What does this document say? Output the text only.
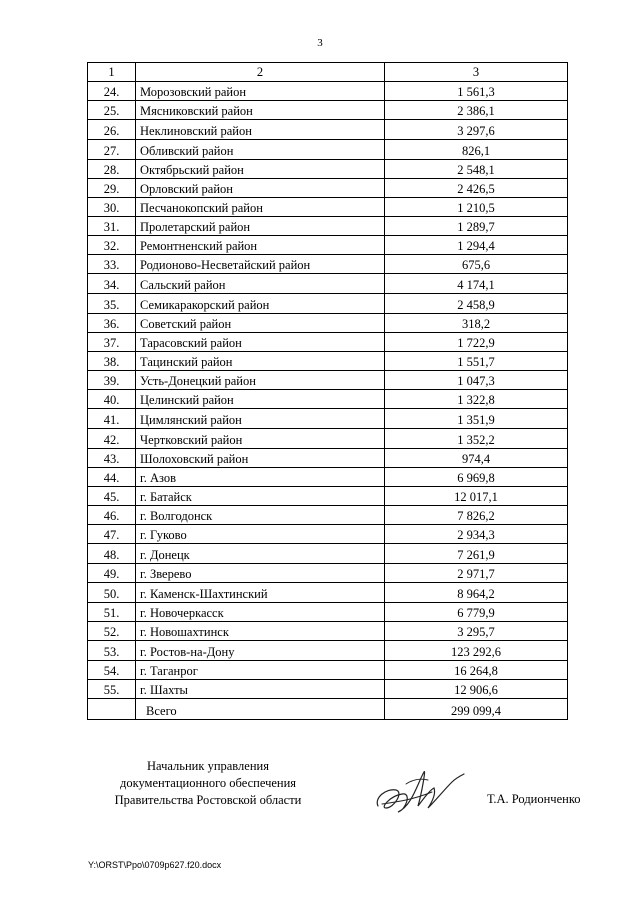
3
1	2	3
24.	Морозовский район	1 561,3
25.	Мясниковский район	2 386,1
26.	Неклиновский район	3 297,6
27.	Обливский район	826,1
28.	Октябрьский район	2 548,1
29.	Орловский район	2 426,5
30.	Песчанокопский район	1 210,5
31.	Пролетарский район	1 289,7
32.	Ремонтненский район	1 294,4
33.	Родионово-Несветайский район	675,6
34.	Сальский район	4 174,1
35.	Семикаракорский район	2 458,9
36.	Советский район	318,2
37.	Тарасовский район	1 722,9
38.	Тацинский район	1 551,7
39.	Усть-Донецкий район	1 047,3
40.	Целинский район	1 322,8
41.	Цимлянский район	1 351,9
42.	Чертковский район	1 352,2
43.	Шолоховский район	974,4
44.	г. Азов	6 969,8
45.	г. Батайск	12 017,1
46.	г. Волгодонск	7 826,2
47.	г. Гуково	2 934,3
48.	г. Донецк	7 261,9
49.	г. Зверево	2 971,7
50.	г. Каменск-Шахтинский	8 964,2
51.	г. Новочеркасск	6 779,9
52.	г. Новошахтинск	3 295,7
53.	г. Ростов-на-Дону	123 292,6
54.	г. Таганрог	16 264,8
55.	г. Шахты	12 906,6
	Всего	299 099,4
Начальник управления
документационного обеспечения
Правительства Ростовской области	Т.А. Родионченко
Y:\ORST\Ppo\0709p627.f20.docx
